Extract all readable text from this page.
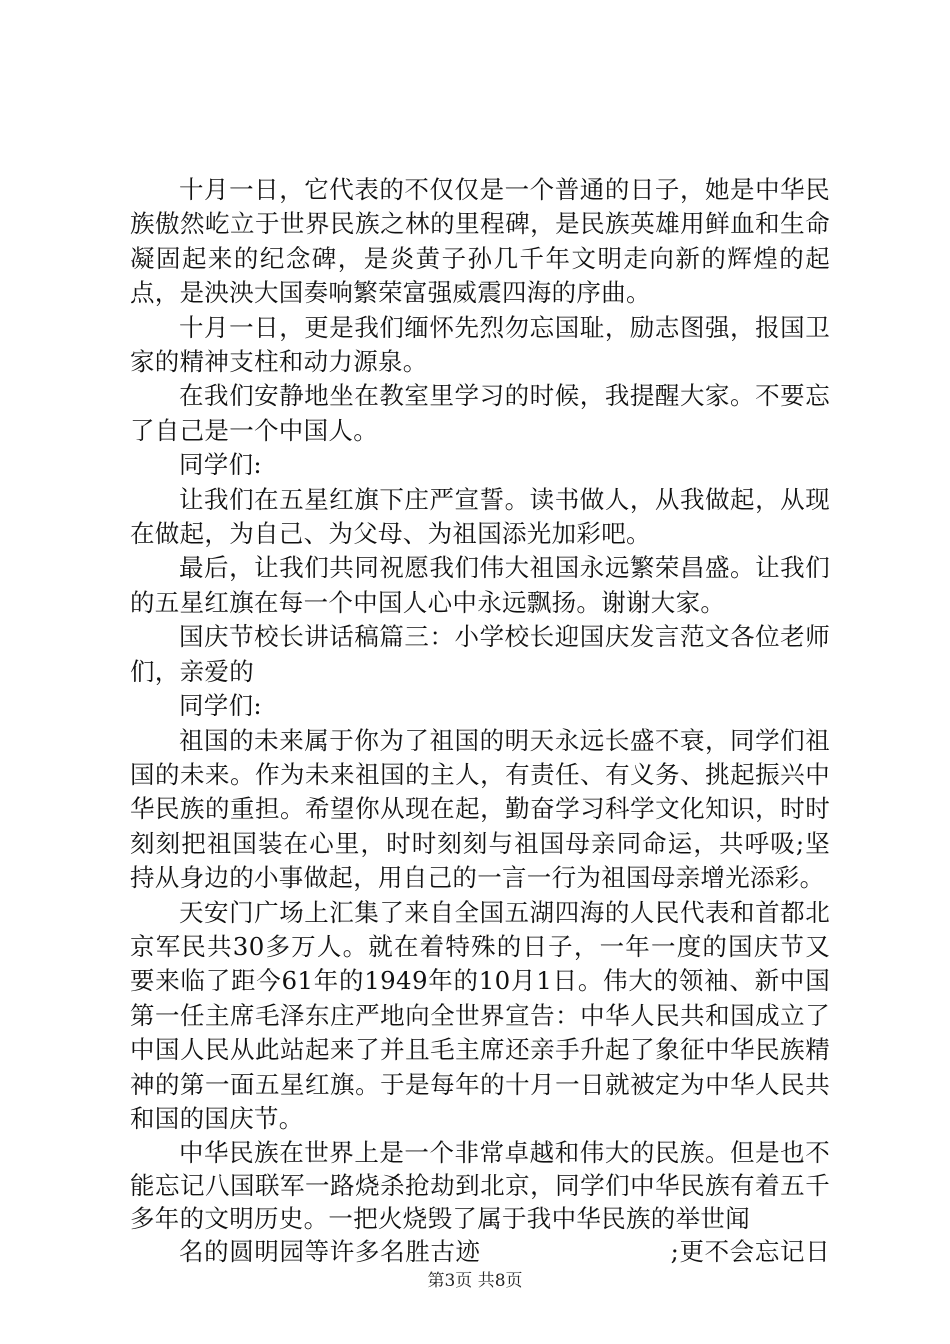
十月一日，它代表的不仅仅是一个普通的日子，她是中华民族傲然屹立于世界民族之林的里程碑，是民族英雄用鲜血和生命凝固起来的纪念碑，是炎黄子孙几千年文明走向新的辉煌的起点，是泱泱大国奏响繁荣富强威震四海的序曲。

十月一日，更是我们缅怀先烈勿忘国耻，励志图强，报国卫家的精神支柱和动力源泉。

在我们安静地坐在教室里学习的时候，我提醒大家。不要忘了自己是一个中国人。

同学们:

让我们在五星红旗下庄严宣誓。读书做人，从我做起，从现在做起，为自己、为父母、为祖国添光加彩吧。

最后，让我们共同祝愿我们伟大祖国永远繁荣昌盛。让我们的五星红旗在每一个中国人心中永远飘扬。谢谢大家。

国庆节校长讲话稿篇三：小学校长迎国庆发言范文各位老师们，亲爱的

同学们:

祖国的未来属于你为了祖国的明天永远长盛不衰，同学们祖国的未来。作为未来祖国的主人，有责任、有义务、挑起振兴中华民族的重担。希望你从现在起，勤奋学习科学文化知识，时时刻刻把祖国装在心里，时时刻刻与祖国母亲同命运，共呼吸;坚持从身边的小事做起，用自己的一言一行为祖国母亲增光添彩。

天安门广场上汇集了来自全国五湖四海的人民代表和首都北京军民共30多万人。就在着特殊的日子，一年一度的国庆节又要来临了距今61年的1949年的10月1日。伟大的领袖、新中国第一任主席毛泽东庄严地向全世界宣告：中华人民共和国成立了中国人民从此站起来了并且毛主席还亲手升起了象征中华民族精神的第一面五星红旗。于是每年的十月一日就被定为中华人民共和国的国庆节。

中华民族在世界上是一个非常卓越和伟大的民族。但是也不能忘记八国联军一路烧杀抢劫到北京，同学们中华民族有着五千多年的文明历史。一把火烧毁了属于我中华民族的举世闻
名的圆明园等许多名胜古迹	;更不会忘记日

第3页 共8页
